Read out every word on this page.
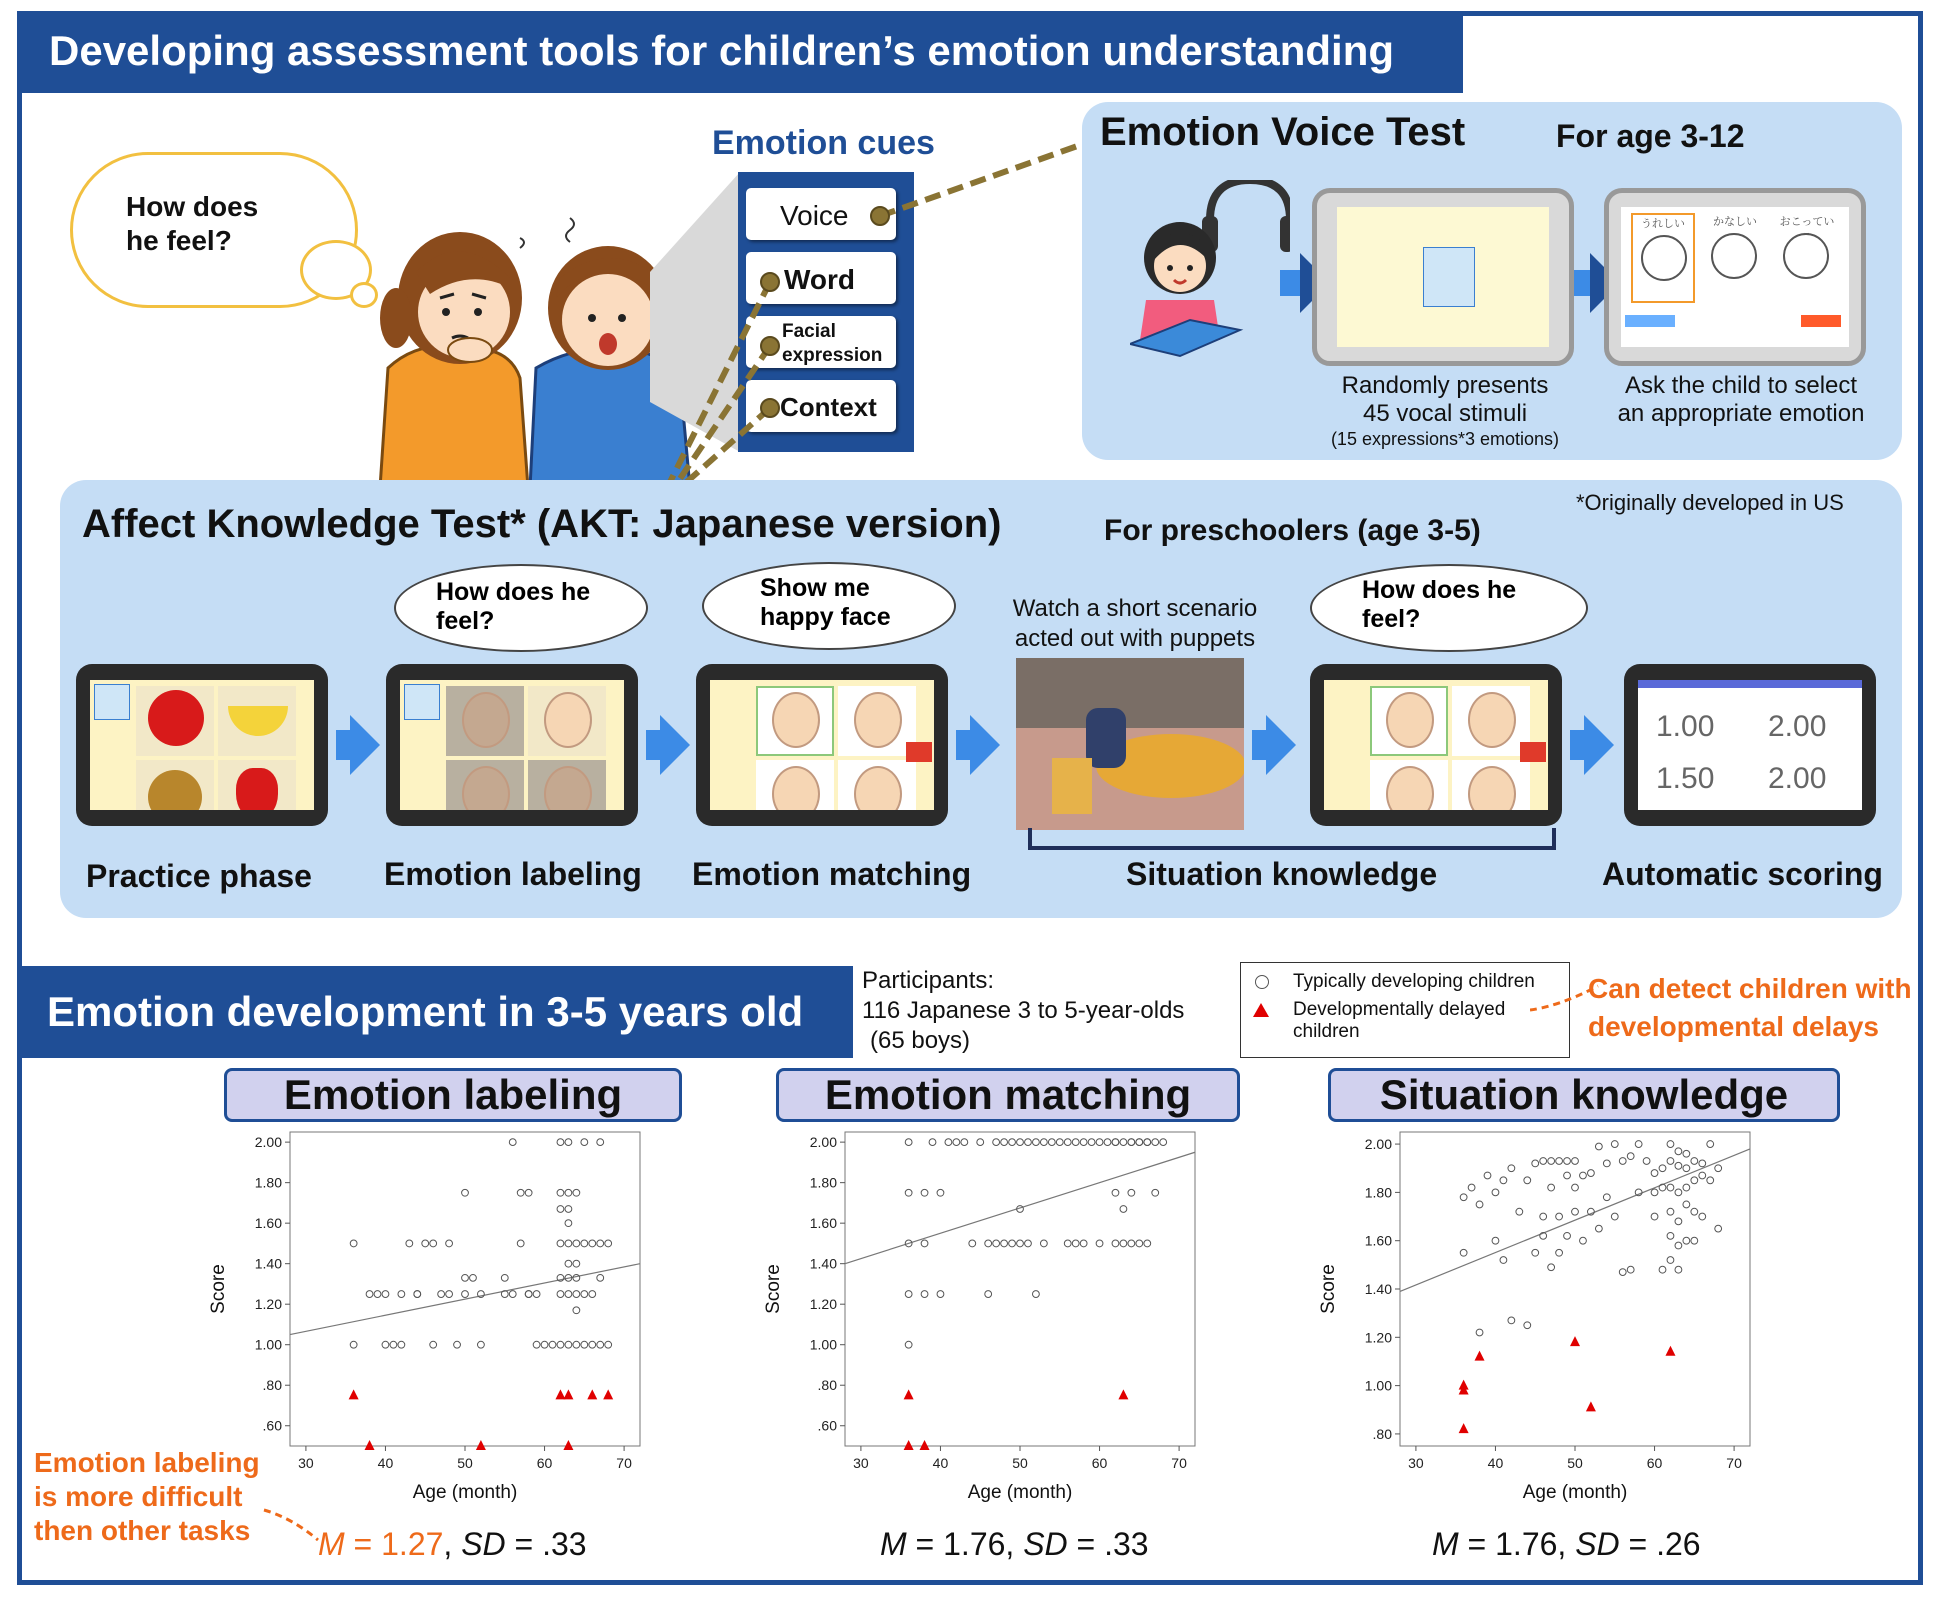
Developing assessment tools for children’s emotion understanding
How does he feel?
Emotion cues
Voice
Word
Facial expression
Context
Emotion Voice Test	For age 3-12
うれしい	かなしい	おこってい
Randomly presents
45 vocal stimuli
(15 expressions*3 emotions)
Ask the child to select
an appropriate emotion
Affect Knowledge Test* (AKT: Japanese version)	For preschoolers (age 3-5)
*Originally developed in US
How does he feel?
Show me happy face
How does he feel?
Watch a short scenario acted out with puppets
1.00 2.00
1.50 2.00
Practice phase Emotion labeling Emotion matching	Situation knowledge	Automatic scoring
Emotion development in 3-5 years old
Participants:
116 Japanese 3 to 5-year-olds
(65 boys)
Typically developing children
Developmentally delayed
children
Can detect children with
developmental delays
Emotion labeling	Emotion matching	Situation knowledge
.60
.80
1.00
1.20
1.40
1.60
1.80
2.00
30	40	50	60	70
Age (month)
Score
.60
.80
1.00
1.20
1.40
1.60
1.80
2.00
30	40	50	60	70
Age (month)
Score
.80
1.00
1.20
1.40
1.60
1.80
2.00
30	40	50	60	70
Age (month)
Score
Emotion labeling
is more difficult
then other tasks M = 1.27, SD = .33	M = 1.76, SD = .33	M = 1.76, SD = .26
